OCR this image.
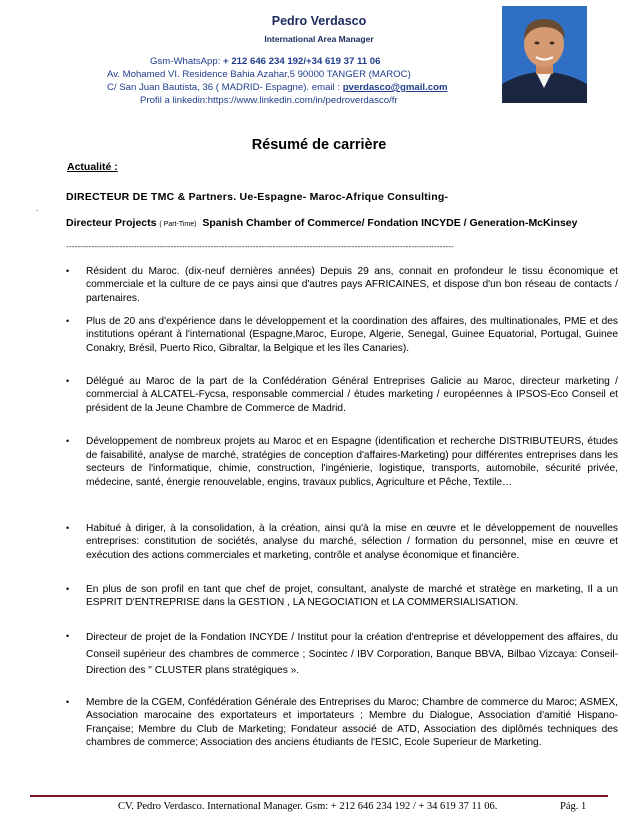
Pedro Verdasco
International Area Manager
Gsm-WhatsApp: + 212 646 234 192/+34 619 37 11 06
Av. Mohamed VI. Residence Bahia Azahar,5 90000 TANGER (MAROC)
C/ San Juan Bautista, 36 ( MADRID- Espagne). email : pverdasco@gmail.com
Profil a linkedin:https://www.linkedin.com/in/pedroverdasco/fr
Résumé de carrière
Actualité :
DIRECTEUR DE TMC & Partners. Ue-Espagne- Maroc-Afrique Consulting-
.
Directeur Projects ( Part-Time) Spanish Chamber of Commerce/ Fondation INCYDE / Generation-McKinsey
-----------------------------------------------------------------------------------------------------------------------------------------
• Résident du Maroc. (dix-neuf dernières années) Depuis 29 ans, connait en profondeur le tissu économique et commerciale et la culture de ce pays ainsi que d'autres pays AFRICAINES, et dispose d'un bon réseau de contacts / partenaires.
• Plus de 20 ans d'expérience dans le développement et la coordination des affaires, des multinationales, PME et des institutions opérant à l'international (Espagne,Maroc, Europe, Algerie, Senegal, Guinee Equatorial, Portugal, Guinee Conakry, Brésil, Puerto Rico, Gibraltar, la Belgique et les îles Canaries).
• Délégué au Maroc de la part de la Confédération Général Entreprises Galicie au Maroc, directeur marketing / commercial à ALCATEL-Fycsa, responsable commercial / études marketing / européennes à IPSOS-Eco Conseil et président de la Jeune Chambre de Commerce de Madrid.
• Développement de nombreux projets au Maroc et en Espagne (identification et recherche DISTRIBUTEURS, études de faisabilité, analyse de marché, stratégies de conception d'affaires-Marketing) pour différentes entreprises dans les secteurs de l'informatique, chimie, construction, l'ingénierie, logistique, transports, automobile, sécurité privée, médecine, santé, énergie renouvelable, engins, travaux publics, Agriculture et Pêche, Textile…
• Habitué à diriger, à la consolidation, à la création, ainsi qu'à la mise en œuvre et le développement de nouvelles entreprises: constitution de sociétés, analyse du marché, sélection / formation du personnel, mise en œuvre et exécution des actions commerciales et marketing, contrôle et analyse économique et financière.
• En plus de son profil en tant que chef de projet, consultant, analyste de marché et stratège en marketing, Il a un ESPRIT D'ENTREPRISE dans la GESTION , LA NEGOCIATION et LA COMMERSIALISATION.
• Directeur de projet de la Fondation INCYDE / Institut pour la création d'entreprise et développement des affaires, du Conseil supérieur des chambres de commerce ; Socintec / IBV Corporation, Banque BBVA, Bilbao Vizcaya: Conseil-Direction des " CLUSTER plans stratégiques ».
• Membre de la CGEM, Confédération Générale des Entreprises du Maroc; Chambre de commerce du Maroc; ASMEX, Association marocaine des exportateurs et importateurs ; Membre du Dialogue, Association d'amitié Hispano-Française; Membre du Club de Marketing; Fondateur associé de ATD, Association des diplômés techniques des chambres de commerce; Association des anciens étudiants de l'ESIC, Ecole Superieur de Marketing.
CV. Pedro Verdasco. International Manager. Gsm: + 212 646 234 192 / + 34 619 37 11 06.	Pág. 1
